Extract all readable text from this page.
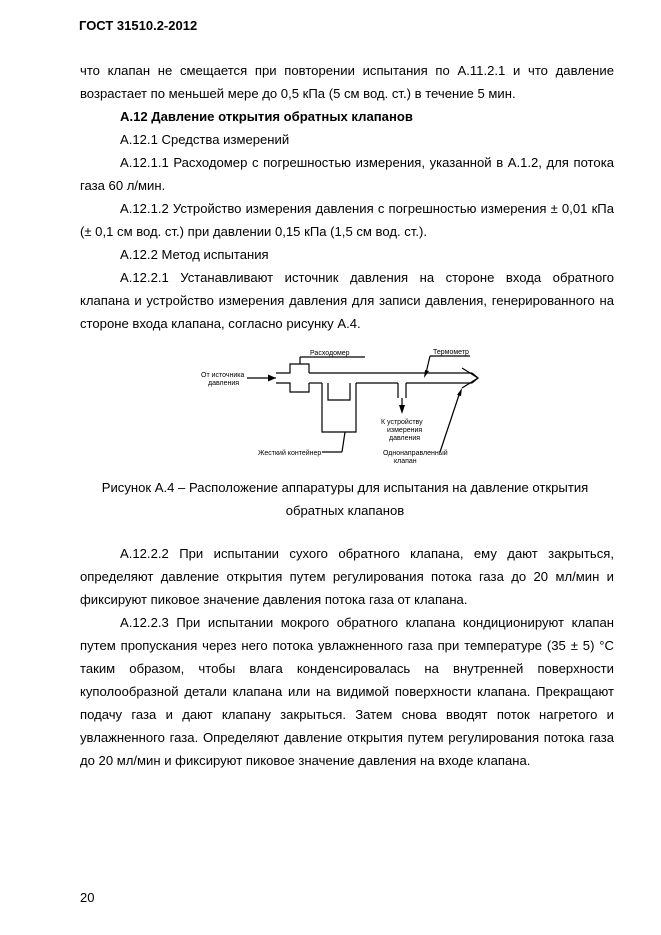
ГОСТ 31510.2-2012
что клапан не смещается при повторении испытания по А.11.2.1 и что давление
возрастает по меньшей мере до 0,5 кПа (5 см вод. ст.) в течение 5 мин.
А.12 Давление открытия обратных клапанов
А.12.1 Средства измерений
А.12.1.1 Расходомер с погрешностью измерения, указанной в А.1.2, для потока
газа 60 л/мин.
А.12.1.2 Устройство измерения давления с погрешностью измерения ± 0,01 кПа
(± 0,1 см вод. ст.) при давлении 0,15 кПа (1,5 см вод. ст.).
А.12.2 Метод испытания
А.12.2.1 Устанавливают источник давления на стороне входа обратного
клапана и устройство измерения давления для записи давления, генерированного на
стороне входа клапана, согласно рисунку А.4.
Расходомер	Термометр
От источника
давления
К устройству
измерения
давления
Жесткий контейнер	Однонаправленный
клапан
Рисунок А.4 – Расположение аппаратуры для испытания на давление открытия
обратных клапанов
А.12.2.2 При испытании сухого обратного клапана, ему дают закрыться,
определяют давление открытия путем регулирования потока газа до 20 мл/мин и
фиксируют пиковое значение давления потока газа от клапана.
А.12.2.3 При испытании мокрого обратного клапана кондиционируют клапан
путем пропускания через него потока увлажненного газа при температуре (35 ± 5) °С
таким образом, чтобы влага конденсировалась на внутренней поверхности
куполообразной детали клапана или на видимой поверхности клапана. Прекращают
подачу газа и дают клапану закрыться. Затем снова вводят поток нагретого и
увлажненного газа. Определяют давление открытия путем регулирования потока газа
до 20 мл/мин и фиксируют пиковое значение давления на входе клапана.
20
